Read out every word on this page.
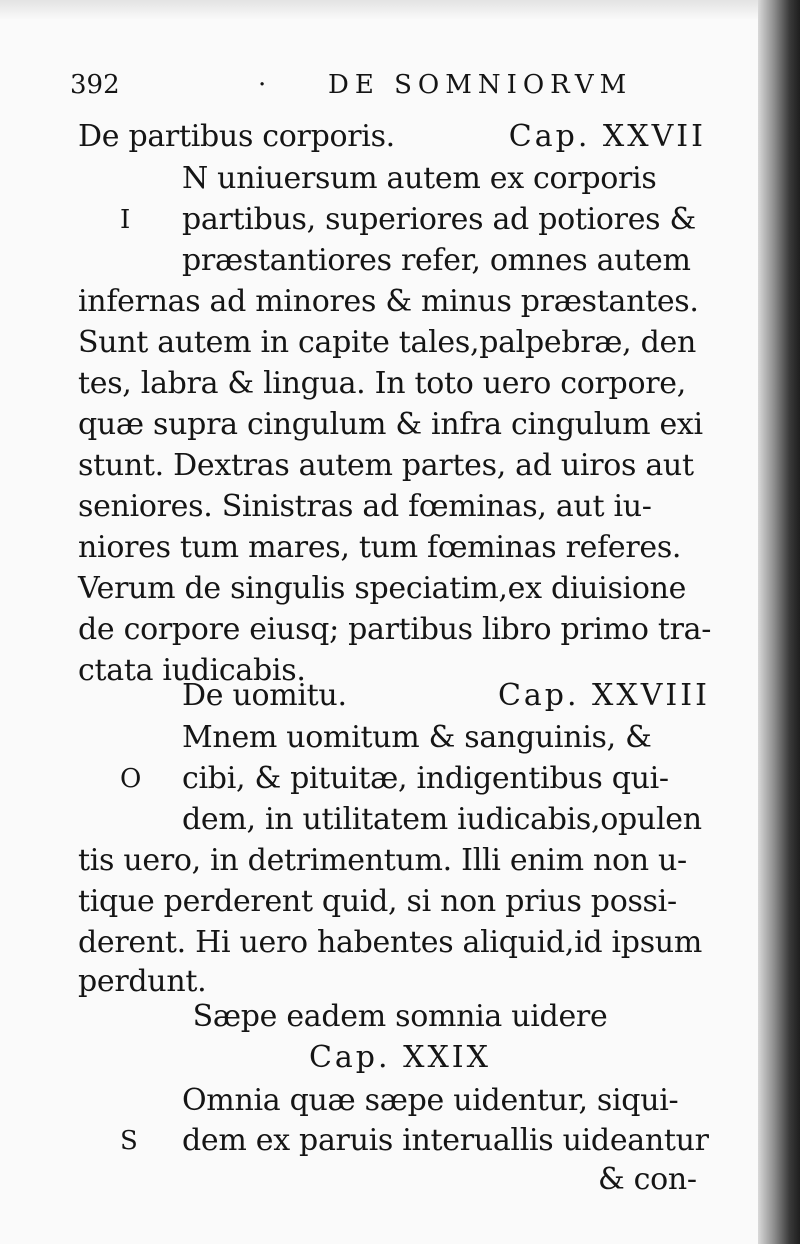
392	· DE SOMNIORVM
De partibus corporis.	Cap. XXVII
N uniuersum autem ex corporis
I partibus, superiores ad potiores &
præstantiores refer, omnes autem
infernas ad minores & minus præstantes.
Sunt autem in capite tales,palpebræ, den
tes, labra & lingua. In toto uero corpore,
quæ supra cingulum & infra cingulum exi
stunt. Dextras autem partes, ad uiros aut
seniores. Sinistras ad fœminas, aut iu-
niores tum mares, tum fœminas referes.
Verum de singulis speciatim,ex diuisione
de corpore eiusq; partibus libro primo tra-
ctata iudicabis.
De uomitu.	Cap. XXVIII
Mnem uomitum & sanguinis, &
O cibi, & pituitæ, indigentibus qui-
dem, in utilitatem iudicabis,opulen
tis uero, in detrimentum. Illi enim non u-
tique perderent quid, si non prius possi-
derent. Hi uero habentes aliquid,id ipsum
perdunt.
Sæpe eadem somnia uidere
Cap. XXIX
Omnia quæ sæpe uidentur, siqui-
S dem ex paruis interuallis uideantur
& con-
